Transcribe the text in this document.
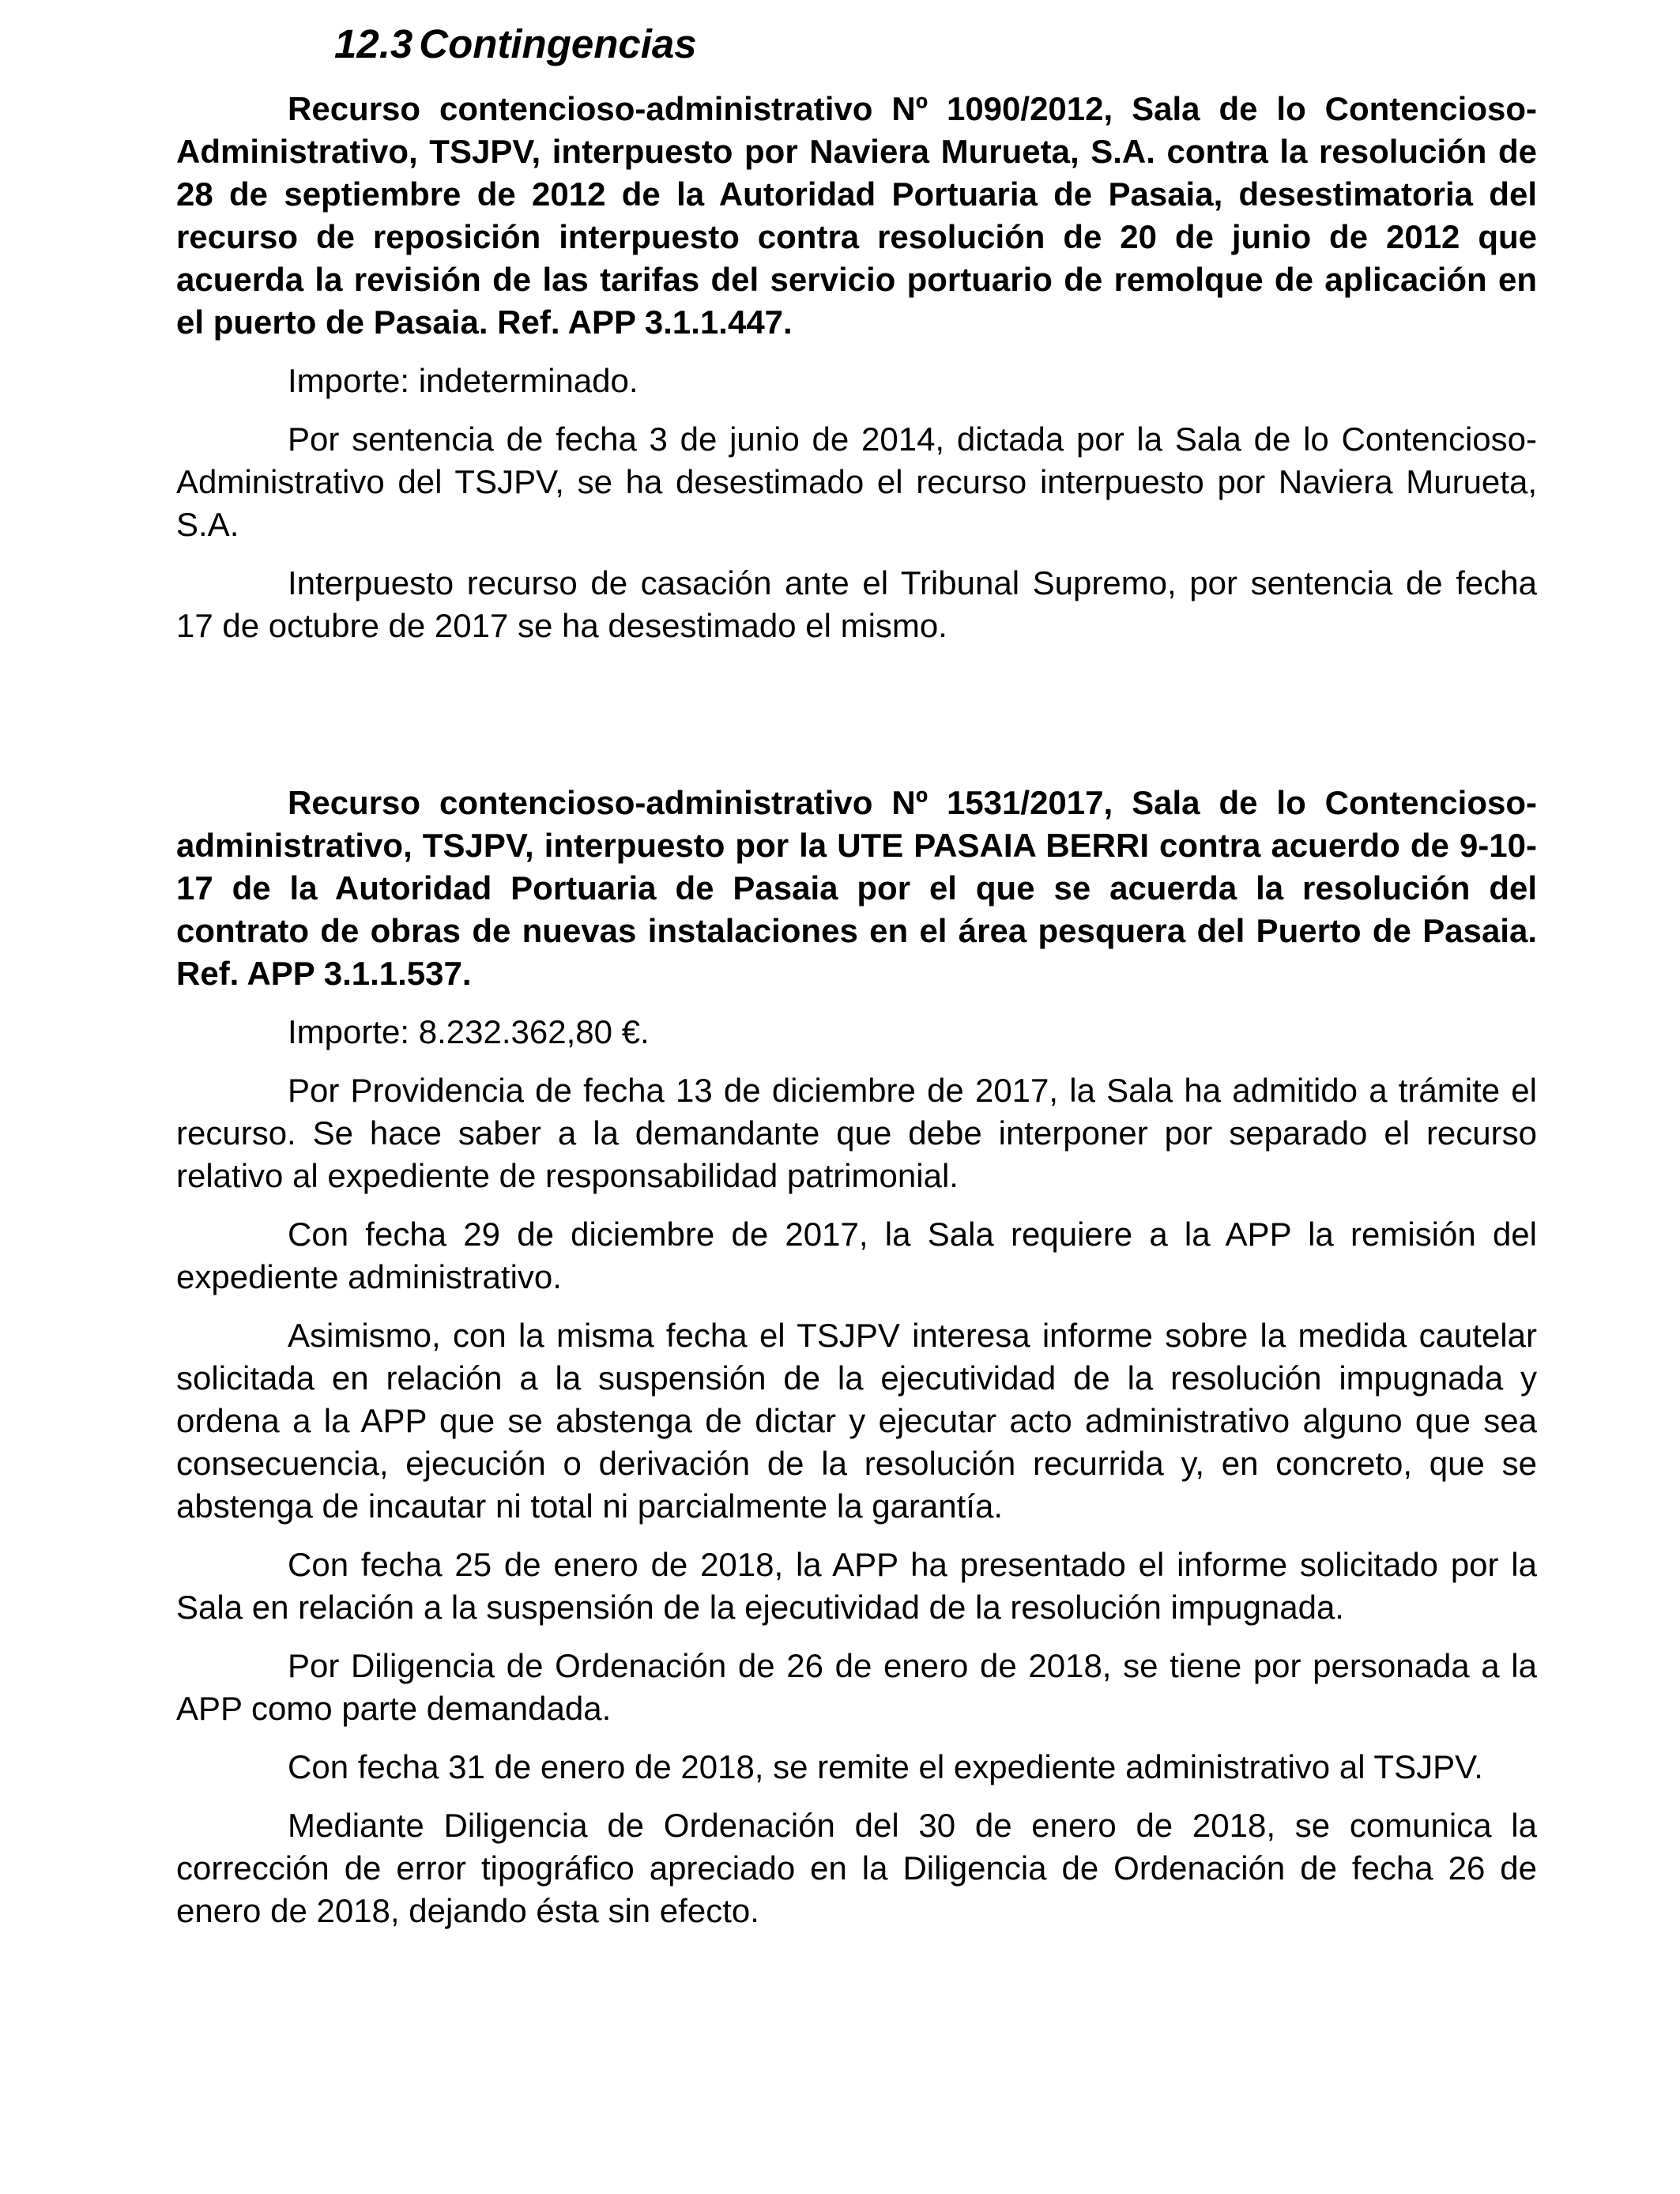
12.3 Contingencias

Recurso contencioso-administrativo Nº 1090/2012, Sala de lo Contencioso-Administrativo, TSJPV, interpuesto por Naviera Murueta, S.A. contra la resolución de 28 de septiembre de 2012 de la Autoridad Portuaria de Pasaia, desestimatoria del recurso de reposición interpuesto contra resolución de 20 de junio de 2012 que acuerda la revisión de las tarifas del servicio portuario de remolque de aplicación en el puerto de Pasaia. Ref. APP 3.1.1.447.

Importe: indeterminado.

Por sentencia de fecha 3 de junio de 2014, dictada por la Sala de lo Contencioso-Administrativo del TSJPV, se ha desestimado el recurso interpuesto por Naviera Murueta, S.A.

Interpuesto recurso de casación ante el Tribunal Supremo, por sentencia de fecha 17 de octubre de 2017 se ha desestimado el mismo.

Recurso contencioso-administrativo Nº 1531/2017, Sala de lo Contencioso-administrativo, TSJPV, interpuesto por la UTE PASAIA BERRI contra acuerdo de 9-10-17 de la Autoridad Portuaria de Pasaia por el que se acuerda la resolución del contrato de obras de nuevas instalaciones en el área pesquera del Puerto de Pasaia. Ref. APP 3.1.1.537.

Importe: 8.232.362,80 €.

Por Providencia de fecha 13 de diciembre de 2017, la Sala ha admitido a trámite el recurso. Se hace saber a la demandante que debe interponer por separado el recurso relativo al expediente de responsabilidad patrimonial.

Con fecha 29 de diciembre de 2017, la Sala requiere a la APP la remisión del expediente administrativo.

Asimismo, con la misma fecha el TSJPV interesa informe sobre la medida cautelar solicitada en relación a la suspensión de la ejecutividad de la resolución impugnada y ordena a la APP que se abstenga de dictar y ejecutar acto administrativo alguno que sea consecuencia, ejecución o derivación de la resolución recurrida y, en concreto, que se abstenga de incautar ni total ni parcialmente la garantía.

Con fecha 25 de enero de 2018, la APP ha presentado el informe solicitado por la Sala en relación a la suspensión de la ejecutividad de la resolución impugnada.

Por Diligencia de Ordenación de 26 de enero de 2018, se tiene por personada a la APP como parte demandada.

Con fecha 31 de enero de 2018, se remite el expediente administrativo al TSJPV.

Mediante Diligencia de Ordenación del 30 de enero de 2018, se comunica la corrección de error tipográfico apreciado en la Diligencia de Ordenación de fecha 26 de enero de 2018, dejando ésta sin efecto.
